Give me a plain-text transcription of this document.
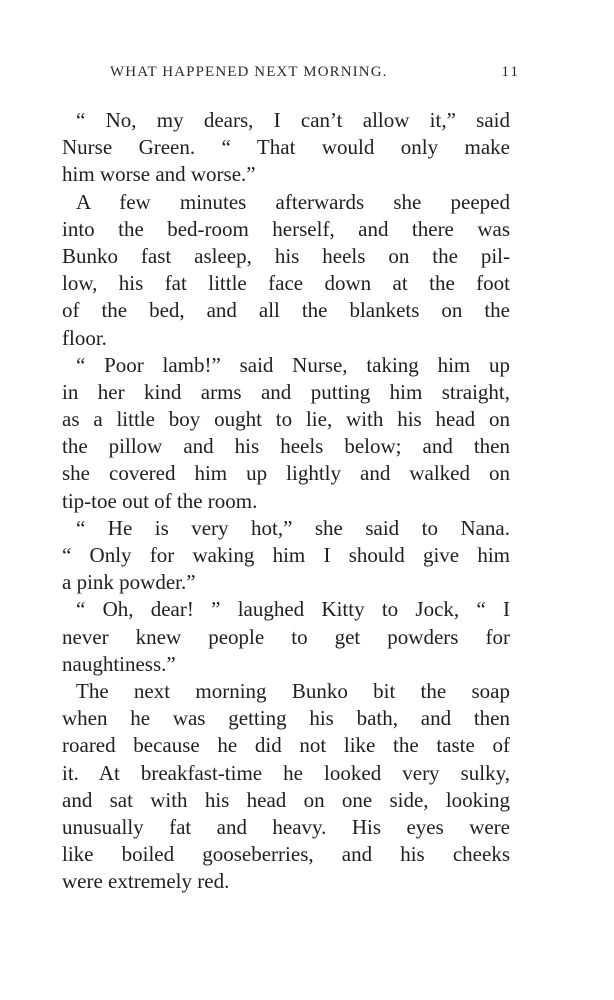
WHAT HAPPENED NEXT MORNING.	11
“ No, my dears, I can’t allow it,” said
Nurse Green. “ That would only make
him worse and worse.”
A few minutes afterwards she peeped
into the bed-room herself, and there was
Bunko fast asleep, his heels on the pil-
low, his fat little face down at the foot
of the bed, and all the blankets on the
floor.
“ Poor lamb!” said Nurse, taking him up
in her kind arms and putting him straight,
as a little boy ought to lie, with his head on
the pillow and his heels below; and then
she covered him up lightly and walked on
tip-toe out of the room.
“ He is very hot,” she said to Nana.
“ Only for waking him I should give him
a pink powder.”
“ Oh, dear! ” laughed Kitty to Jock, “ I
never knew people to get powders for
naughtiness.”
The next morning Bunko bit the soap
when he was getting his bath, and then
roared because he did not like the taste of
it. At breakfast-time he looked very sulky,
and sat with his head on one side, looking
unusually fat and heavy. His eyes were
like boiled gooseberries, and his cheeks
were extremely red.
